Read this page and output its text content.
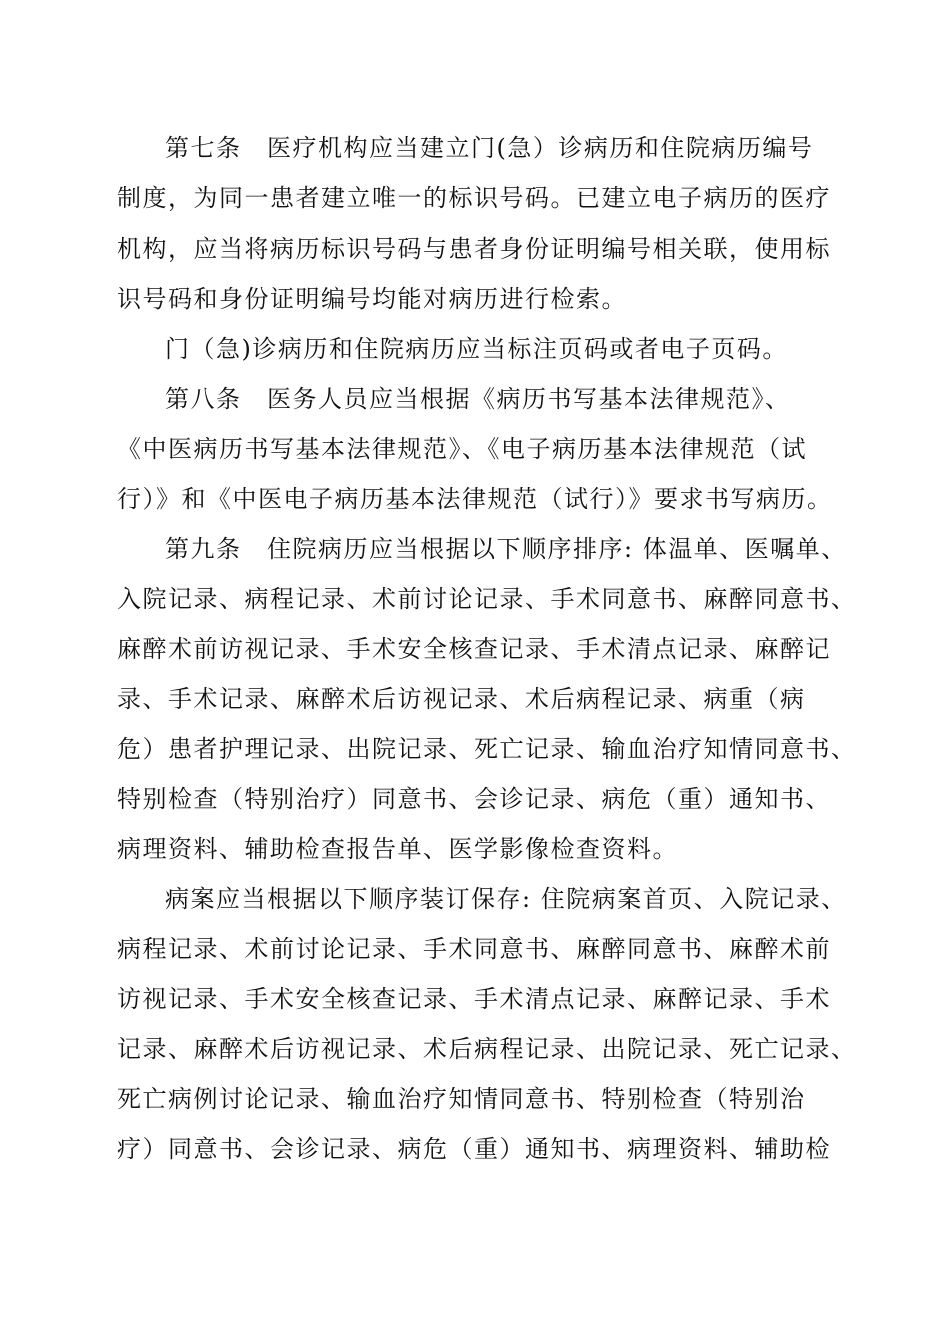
第七条　医疗机构应当建立门(急）诊病历和住院病历编号
制度，为同一患者建立唯一的标识号码。已建立电子病历的医疗
机构，应当将病历标识号码与患者身份证明编号相关联，使用标
识号码和身份证明编号均能对病历进行检索。
门（急)诊病历和住院病历应当标注页码或者电子页码。
第八条　医务人员应当根据《病历书写基本法律规范》、
《中医病历书写基本法律规范》、《电子病历基本法律规范（试
行）》和《中医电子病历基本法律规范（试行）》要求书写病历。
第九条　住院病历应当根据以下顺序排序: 体温单、医嘱单、
入院记录、病程记录、术前讨论记录、手术同意书、麻醉同意书、
麻醉术前访视记录、手术安全核查记录、手术清点记录、麻醉记
录、手术记录、麻醉术后访视记录、术后病程记录、病重（病
危）患者护理记录、出院记录、死亡记录、输血治疗知情同意书、
特别检查（特别治疗）同意书、会诊记录、病危（重）通知书、
病理资料、辅助检查报告单、医学影像检查资料。
病案应当根据以下顺序装订保存: 住院病案首页、入院记录、
病程记录、术前讨论记录、手术同意书、麻醉同意书、麻醉术前
访视记录、手术安全核查记录、手术清点记录、麻醉记录、手术
记录、麻醉术后访视记录、术后病程记录、出院记录、死亡记录、
死亡病例讨论记录、输血治疗知情同意书、特别检查（特别治
疗）同意书、会诊记录、病危（重）通知书、病理资料、辅助检
